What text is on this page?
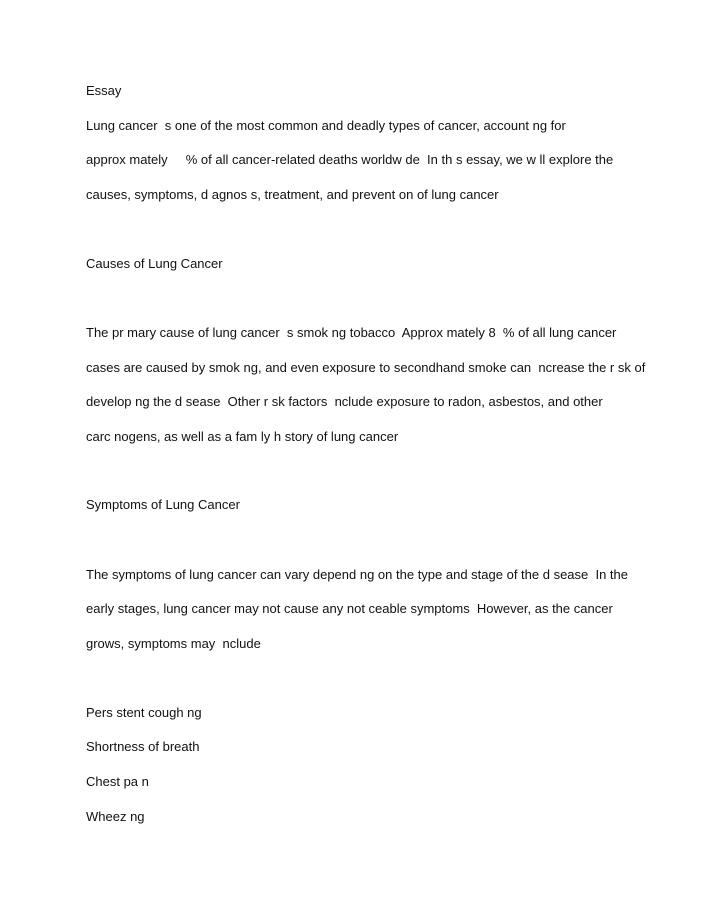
Essay

Lung cancer  s one of the most common and deadly types of cancer, account ng for

approx mately     % of all cancer-related deaths worldw de  In th s essay, we w ll explore the

causes, symptoms, d agnos s, treatment, and prevent on of lung cancer

Causes of Lung Cancer

The pr mary cause of lung cancer  s smok ng tobacco  Approx mately 8  % of all lung cancer

cases are caused by smok ng, and even exposure to secondhand smoke can  ncrease the r sk of

develop ng the d sease  Other r sk factors  nclude exposure to radon, asbestos, and other

carc nogens, as well as a fam ly h story of lung cancer

Symptoms of Lung Cancer

The symptoms of lung cancer can vary depend ng on the type and stage of the d sease  In the

early stages, lung cancer may not cause any not ceable symptoms  However, as the cancer

grows, symptoms may  nclude

Pers stent cough ng

Shortness of breath

Chest pa n

Wheez ng
